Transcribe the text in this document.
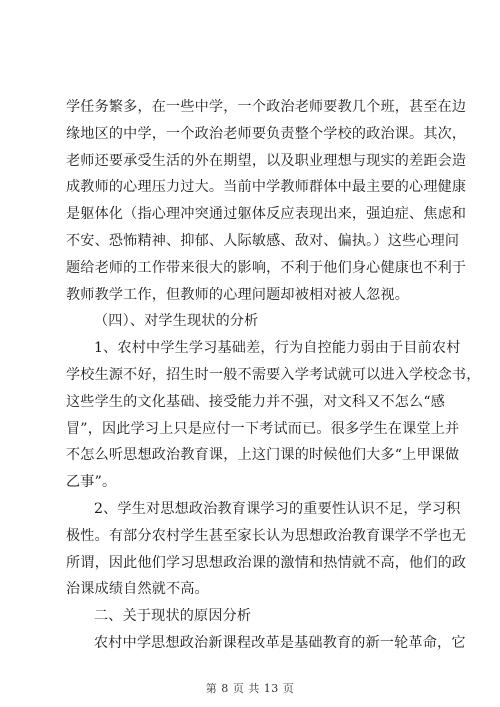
学任务繁多，在一些中学，一个政治老师要教几个班，甚至在边
缘地区的中学，一个政治老师要负责整个学校的政治课。其次，
老师还要承受生活的外在期望，以及职业理想与现实的差距会造
成教师的心理压力过大。当前中学教师群体中最主要的心理健康
是躯体化（指心理冲突通过躯体反应表现出来，强迫症、焦虑和
不安、恐怖精神、抑郁、人际敏感、敌对、偏执。）这些心理问
题给老师的工作带来很大的影响，不利于他们身心健康也不利于
教师教学工作，但教师的心理问题却被相对被人忽视。
（四）、对学生现状的分析
1、农村中学生学习基础差，行为自控能力弱由于目前农村
学校生源不好，招生时一般不需要入学考试就可以进入学校念书，
这些学生的文化基础、接受能力并不强，对文科又不怎么“感
冒”，因此学习上只是应付一下考试而已。很多学生在课堂上并
不怎么听思想政治教育课，上这门课的时候他们大多“上甲课做
乙事”。
2、学生对思想政治教育课学习的重要性认识不足，学习积
极性。有部分农村学生甚至家长认为思想政治教育课学不学也无
所谓，因此他们学习思想政治课的激情和热情就不高，他们的政
治课成绩自然就不高。
二、关于现状的原因分析
农村中学思想政治新课程改革是基础教育的新一轮革命，它
第 8 页 共 13 页
